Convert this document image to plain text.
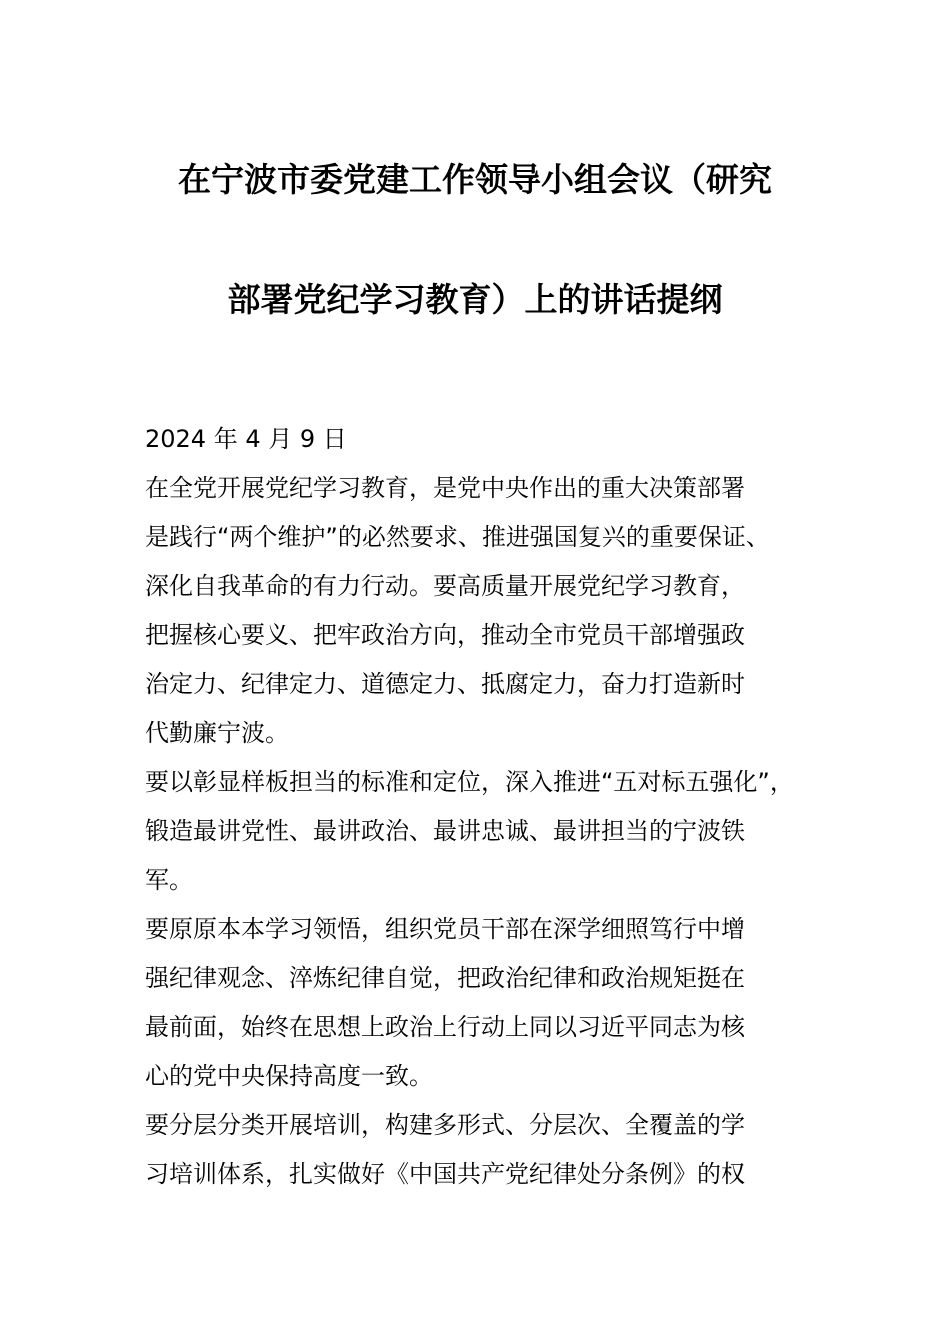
在宁波市委党建工作领导小组会议（研究
部署党纪学习教育）上的讲话提纲
2024 年 4 月 9 日
在全党开展党纪学习教育，是党中央作出的重大决策部署
是践行“两个维护”的必然要求、推进强国复兴的重要保证、
深化自我革命的有力行动。要高质量开展党纪学习教育，
把握核心要义、把牢政治方向，推动全市党员干部增强政
治定力、纪律定力、道德定力、抵腐定力，奋力打造新时
代勤廉宁波。
要以彰显样板担当的标准和定位，深入推进“五对标五强化”，
锻造最讲党性、最讲政治、最讲忠诚、最讲担当的宁波铁
军。
要原原本本学习领悟，组织党员干部在深学细照笃行中增
强纪律观念、淬炼纪律自觉，把政治纪律和政治规矩挺在
最前面，始终在思想上政治上行动上同以习近平同志为核
心的党中央保持高度一致。
要分层分类开展培训，构建多形式、分层次、全覆盖的学
习培训体系，扎实做好《中国共产党纪律处分条例》的权
